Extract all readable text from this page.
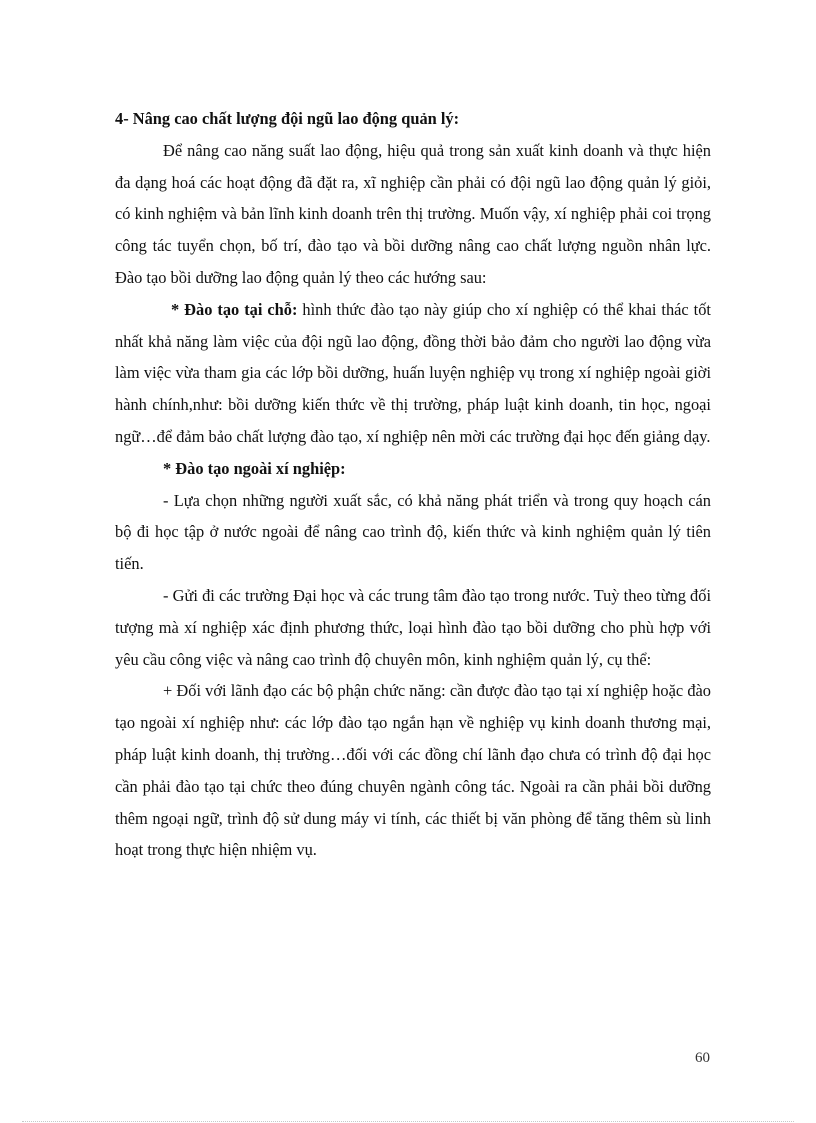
4- Nâng cao chất lượng đội ngũ lao động quản lý:

Để nâng cao năng suất lao động, hiệu quả trong sản xuất kinh doanh và thực hiện đa dạng hoá các hoạt động đã đặt ra, xĩ nghiệp cần phải có đội ngũ lao động quản lý giỏi, có kinh nghiệm và bản lĩnh kinh doanh trên thị trường. Muốn vậy, xí nghiệp phải coi trọng công tác tuyển chọn, bố trí, đào tạo và bồi dưỡng nâng cao chất lượng nguồn nhân lực. Đào tạo bồi dưỡng lao động quản lý theo các hướng sau:

* Đào tạo tại chỗ: hình thức đào tạo này giúp cho xí nghiệp có thể khai thác tốt nhất khả năng làm việc của đội ngũ lao động, đồng thời bảo đảm cho người lao động vừa làm việc vừa tham gia các lớp bồi dưỡng, huấn luyện nghiệp vụ trong xí nghiệp ngoài giời hành chính,như: bồi dưỡng kiến thức về thị trường, pháp luật kinh doanh, tin học, ngoại ngữ…để đảm bảo chất lượng đào tạo, xí nghiệp nên mời các trường đại học đến giảng dạy.

* Đào tạo ngoài xí nghiệp:

- Lựa chọn những người xuất sắc, có khả năng phát triển và trong quy hoạch cán bộ đi học tập ở nước ngoài để nâng cao trình độ, kiến thức và kinh nghiệm quản lý tiên tiến.

- Gửi đi các trường Đại học và các trung tâm đào tạo trong nước. Tuỳ theo từng đối tượng mà xí nghiệp xác định phương thức, loại hình đào tạo bồi dưỡng cho phù hợp với yêu cầu công việc và nâng cao trình độ chuyên môn, kinh nghiệm quản lý, cụ thể:

+ Đối với lãnh đạo các bộ phận chức năng: cần được đào tạo tại xí nghiệp hoặc đào tạo ngoài xí nghiệp như: các lớp đào tạo ngắn hạn về nghiệp vụ kinh doanh thương mại, pháp luật kinh doanh, thị trường…đối với các đồng chí lãnh đạo chưa có trình độ đại học cần phải đào tạo tại chức theo đúng chuyên ngành công tác. Ngoài ra cần phải bồi dưỡng thêm ngoại ngữ, trình độ sử dung máy vi tính, các thiết bị văn phòng để tăng thêm sù linh hoạt trong thực hiện nhiệm vụ.

60
